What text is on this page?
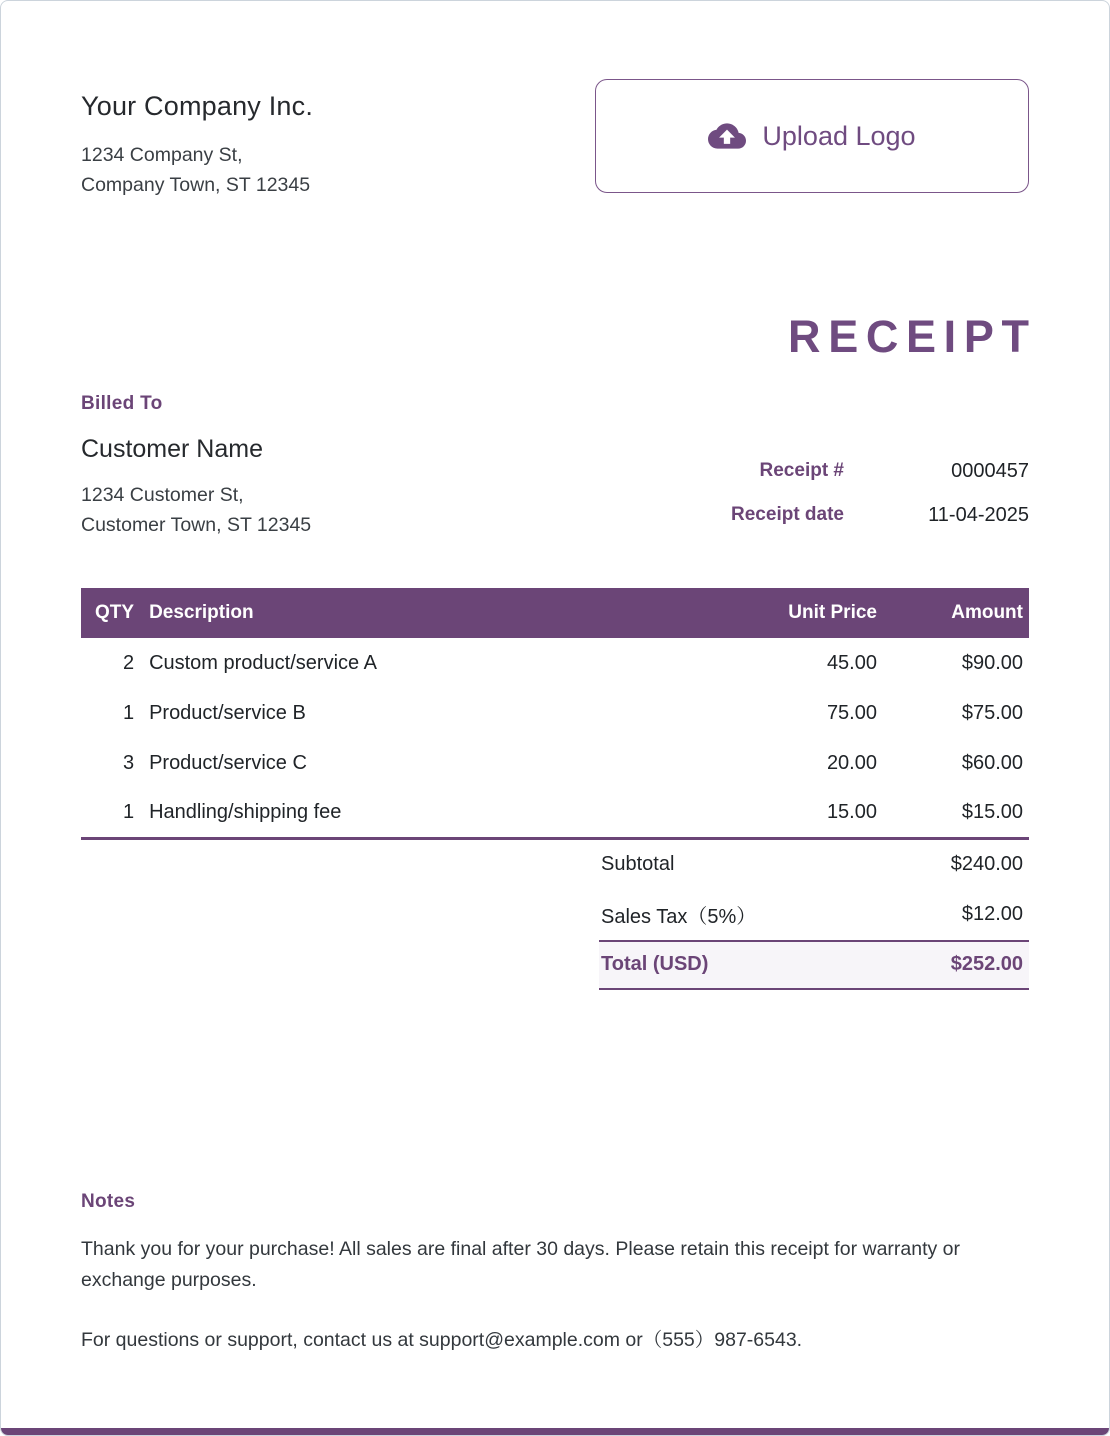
Your Company Inc.
1234 Company St,
Company Town, ST 12345
Upload Logo
RECEIPT
Billed To
Customer Name
1234 Customer St,
Customer Town, ST 12345
Receipt #	0000457
Receipt date	11-04-2025
QTY	Description	Unit Price	Amount
2	Custom product/service A	45.00	$90.00
1	Product/service B	75.00	$75.00
3	Product/service C	20.00	$60.00
1	Handling/shipping fee	15.00	$15.00
Subtotal	$240.00
Sales Tax（5%）	$12.00
Total (USD)	$252.00
Notes
Thank you for your purchase! All sales are final after 30 days. Please retain this receipt for warranty or exchange purposes.
For questions or support, contact us at support@example.com or（555）987-6543.
